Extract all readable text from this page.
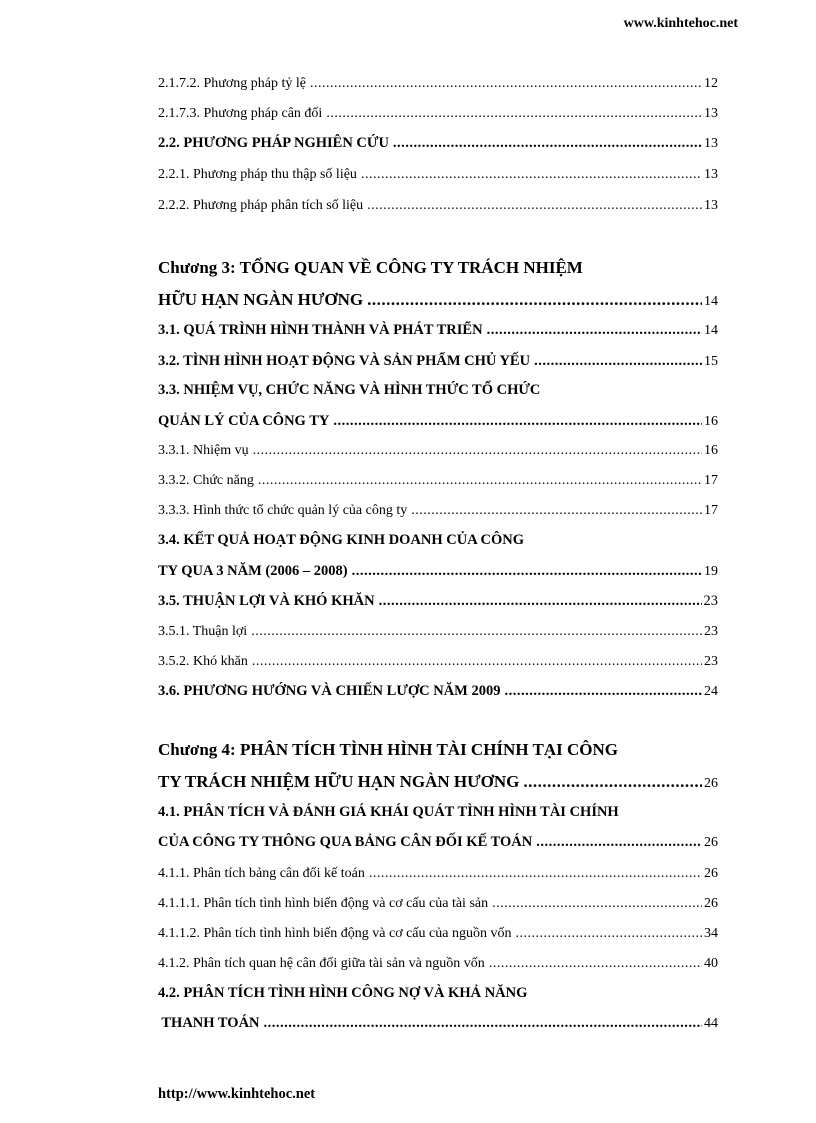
www.kinhtehoc.net
2.1.7.2. Phương pháp tỷ lệ .....	12
2.1.7.3. Phương pháp cân đối .....	13
2.2. PHƯƠNG PHÁP NGHIÊN CỨU .....	13
2.2.1. Phương pháp thu thập số liệu .....	13
2.2.2. Phương pháp phân tích số liệu .....	13
Chương 3: TỔNG QUAN VỀ CÔNG TY TRÁCH NHIỆM
HỮU HẠN NGÀN HƯƠNG .....	14
3.1. QUÁ TRÌNH HÌNH THÀNH VÀ PHÁT TRIỂN .....	14
3.2. TÌNH HÌNH HOẠT ĐỘNG VÀ SẢN PHẨM CHỦ YẾU .....	15
3.3. NHIỆM VỤ, CHỨC NĂNG VÀ HÌNH THỨC TỔ CHỨC
QUẢN LÝ CỦA CÔNG TY .....	16
3.3.1. Nhiệm vụ .....	16
3.3.2. Chức năng .....	17
3.3.3. Hình thức tổ chức quản lý của công ty .....	17
3.4. KẾT QUẢ HOẠT ĐỘNG KINH DOANH CỦA CÔNG
TY QUA 3 NĂM (2006 – 2008) .....	19
3.5. THUẬN LỢI VÀ KHÓ KHĂN .....	23
3.5.1. Thuận lợi .....	23
3.5.2. Khó khăn .....	23
3.6. PHƯƠNG HƯỚNG VÀ CHIẾN LƯỢC NĂM 2009 .....	24
Chương 4: PHÂN TÍCH TÌNH HÌNH TÀI CHÍNH TẠI CÔNG
TY TRÁCH NHIỆM HỮU HẠN NGÀN HƯƠNG .....	26
4.1. PHÂN TÍCH VÀ ĐÁNH GIÁ KHÁI QUÁT TÌNH HÌNH TÀI CHÍNH
CỦA CÔNG TY THÔNG QUA BẢNG CÂN ĐỐI KẾ TOÁN .....	26
4.1.1. Phân tích bảng cân đối kế toán .....	26
4.1.1.1. Phân tích tình hình biến động và cơ cấu của tài sản .....	26
4.1.1.2. Phân tích tình hình biến động và cơ cấu của nguồn vốn .....	34
4.1.2. Phân tích quan hệ cân đối giữa tài sản và nguồn vốn .....	40
4.2. PHÂN TÍCH TÌNH HÌNH CÔNG NỢ VÀ KHẢ NĂNG
THANH TOÁN .....	44
http://www.kinhtehoc.net
